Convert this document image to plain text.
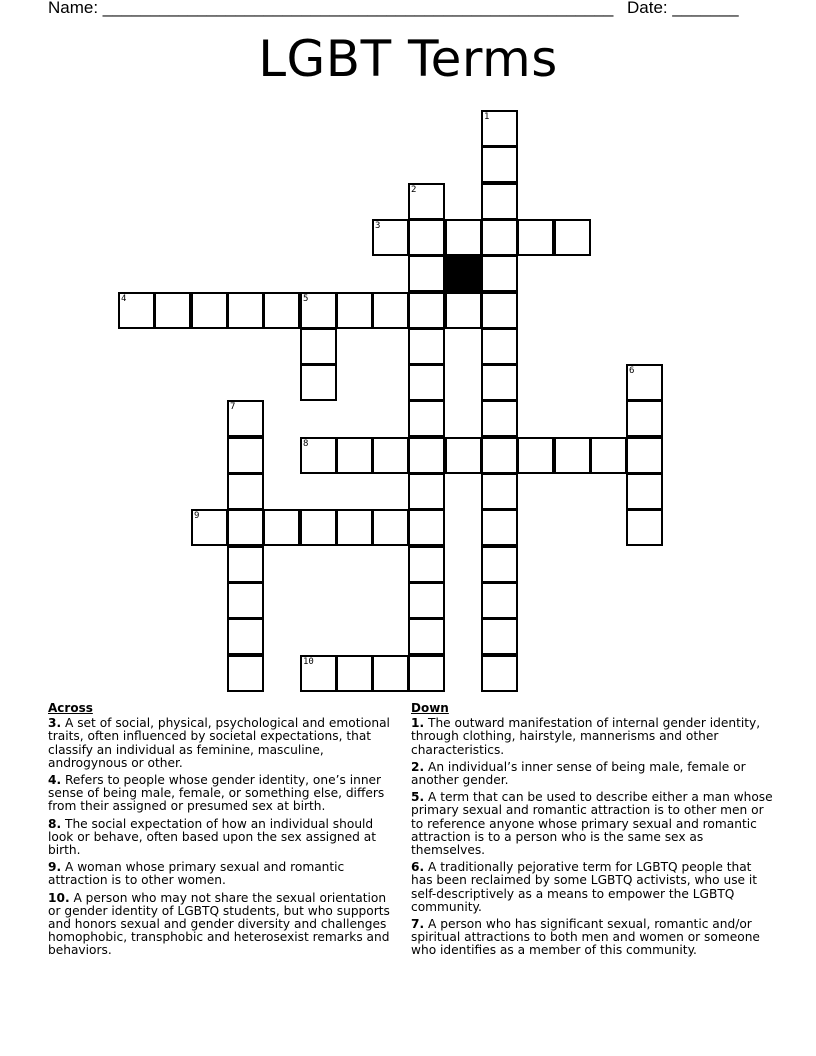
Name: ______________________________________________________ Date: _______
LGBT Terms
1
2
3
4	5
6
7
8
9
10
Across
3. A set of social, physical, psychological and emotional traits, often influenced by societal expectations, that classify an individual as feminine, masculine, androgynous or other.
4. Refers to people whose gender identity, one’s inner sense of being male, female, or something else, differs from their assigned or presumed sex at birth.
8. The social expectation of how an individual should look or behave, often based upon the sex assigned at birth.
9. A woman whose primary sexual and romantic attraction is to other women.
10. A person who may not share the sexual orientation or gender identity of LGBTQ students, but who supports and honors sexual and gender diversity and challenges homophobic, transphobic and heterosexist remarks and behaviors.
Down
1. The outward manifestation of internal gender identity, through clothing, hairstyle, mannerisms and other characteristics.
2. An individual’s inner sense of being male, female or another gender.
5. A term that can be used to describe either a man whose primary sexual and romantic attraction is to other men or to reference anyone whose primary sexual and romantic attraction is to a person who is the same sex as themselves.
6. A traditionally pejorative term for LGBTQ people that has been reclaimed by some LGBTQ activists, who use it self-descriptively as a means to empower the LGBTQ community.
7. A person who has significant sexual, romantic and/or spiritual attractions to both men and women or someone who identifies as a member of this community.
